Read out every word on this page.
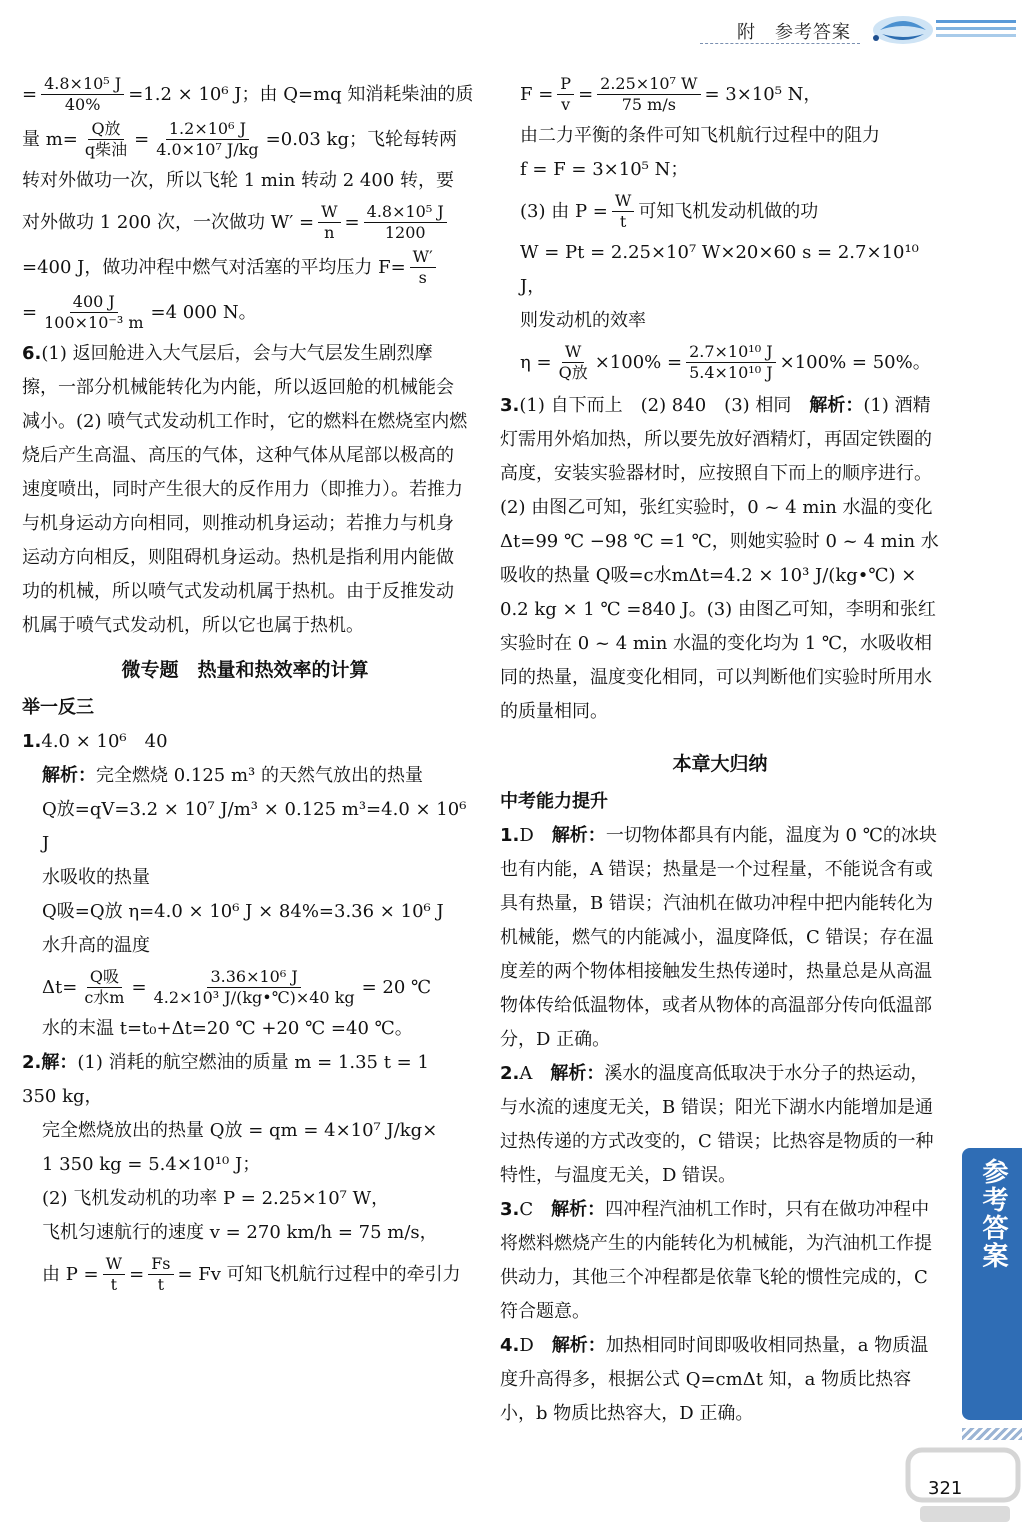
附　参考答案
= $\frac{\text{4.8×10⁵ J}}{40\%} =1.2 \times 10^6$ J；由 Q=mq 知消耗柴油的质
量 $m= \frac{\text{Q放}}{\text{q柴油}} = \frac{\text{1.2×10⁶ J}}{\text{4.0×10⁷ J/kg}} =0.03$ kg；飞轮每转两

转对外做功一次，所以飞轮 1 min 转动 2 400 转，要

对外做功 1 200 次，一次做功 $W' = \frac{W}{n} = \frac{\text{4.8×10⁵ J}}{1200}$
=400 J，做功冲程中燃气对活塞的平均压力 $F= \frac{W'}{s}$
= $\frac{400 J}{\text{100×10⁻³ m}} =4$ 000 N。

6.(1) 返回舱进入大气层后，会与大气层发生剧烈摩擦，一部分机械能转化为内能，所以返回舱的机械能会减小。(2) 喷气式发动机工作时，它的燃料在燃烧室内燃烧后产生高温、高压的气体，这种气体从尾部以极高的速度喷出，同时产生很大的反作用力（即推力）。若推力与机身运动方向相同，则推动机身运动；若推力与机身运动方向相反，则阻碍机身运动。热机是指利用内能做功的机械，所以喷气式发动机属于热机。由于反推发动机属于喷气式发动机，所以它也属于热机。

微专题　热量和热效率的计算
举一反三

1.4.0 × 10⁶　40

解析：完全燃烧 0.125 m³ 的天然气放出的热量

Q放=qV=3.2 × 10⁷ J/m³ × 0.125 m³=4.0 × 10⁶ J

水吸收的热量

Q吸=Q放 η=4.0 × 10⁶ J × 84%=3.36 × 10⁶ J

水升高的温度

$\Delta t= \frac{\text{Q吸}}{\text{c水m}} = \frac{\text{3.36×10⁶ J}}{\text{4.2×10³ J/(kg•℃)×40 kg}} = 20$ ℃

水的末温 t=t₀+Δt=20 ℃ +20 ℃ =40 ℃。

2.解：(1) 消耗的航空燃油的质量 m = 1.35 t = 1 350 kg，

完全燃烧放出的热量 Q放 = qm = 4×10⁷ J/kg×

1 350 kg = 5.4×10¹⁰ J；

(2) 飞机发动机的功率 P = 2.25×10⁷ W，

飞机匀速航行的速度 v = 270 km/h = 75 m/s，

由 $P = \frac{W}{t} = \frac{Fs}{t} = Fv$ 可知飞机航行过程中的牵引力
$F = \frac{P}{v} = \frac{\text{2.25×10⁷ W}}{75 m/s} = 3\times 10^5$ N，

由二力平衡的条件可知飞机航行过程中的阻力

f = F = 3×10⁵ N；

(3) 由 $P = \frac{W}{t}$ 可知飞机发动机做的功

W = Pt = 2.25×10⁷ W×20×60 s = 2.7×10¹⁰ J，

则发动机的效率

$\eta = \frac{W}{\text{Q放}} \times 100\% = \frac{\text{2.7×10¹⁰ J}}{\text{5.4×10¹⁰ J}} \times 100\% = 50\%$。

3.(1) 自下而上　(2) 840　(3) 相同　解析：(1) 酒精灯需用外焰加热，所以要先放好酒精灯，再固定铁圈的高度，安装实验器材时，应按照自下而上的顺序进行。(2) 由图乙可知，张红实验时，0 ~ 4 min 水温的变化 Δt=99 ℃ −98 ℃ =1 ℃，则她实验时 0 ~ 4 min 水吸收的热量 Q吸=c水mΔt=4.2 × 10³ J/(kg•℃) × 0.2 kg × 1 ℃ =840 J。(3) 由图乙可知，李明和张红实验时在 0 ~ 4 min 水温的变化均为 1 ℃，水吸收相同的热量，温度变化相同，可以判断他们实验时所用水的质量相同。

本章大归纳
中考能力提升

1.D　解析：一切物体都具有内能，温度为 0 ℃的冰块也有内能，A 错误；热量是一个过程量，不能说含有或具有热量，B 错误；汽油机在做功冲程中把内能转化为机械能，燃气的内能减小，温度降低，C 错误；存在温度差的两个物体相接触发生热传递时，热量总是从高温物体传给低温物体，或者从物体的高温部分传向低温部分，D 正确。

2.A　解析：溪水的温度高低取决于水分子的热运动，与水流的速度无关，B 错误；阳光下湖水内能增加是通过热传递的方式改变的，C 错误；比热容是物质的一种特性，与温度无关，D 错误。

3.C　解析：四冲程汽油机工作时，只有在做功冲程中将燃料燃烧产生的内能转化为机械能，为汽油机工作提供动力，其他三个冲程都是依靠飞轮的惯性完成的，C 符合题意。

4.D　解析：加热相同时间即吸收相同热量，a 物质温度升高得多，根据公式 Q=cmΔt 知，a 物质比热容小，b 物质比热容大，D 正确。

参考答案
321
